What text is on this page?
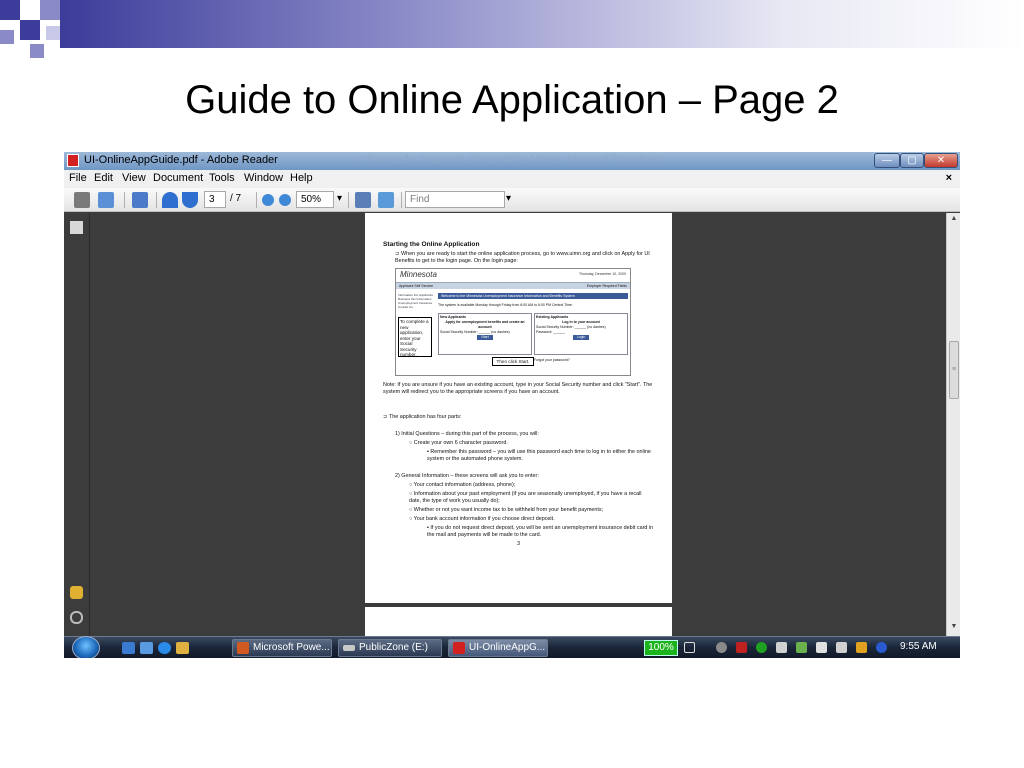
Guide to Online Application – Page 2
UI-OnlineAppGuide.pdf - Adobe Reader	UI Training for Segments (Compatibility Mode) - Microsoft PowerPoint	—	▢	✕
File Edit View Document Tools Window Help	×
3	/ 7	50%	▾	Find	▾
Starting the Online Application

⊃ When you are ready to start the online application process, go to www.uimn.org and click on Apply for UI Benefits to get to the login page. On the login page:

Minnesota	Thursday, December 10, 2009
Applicant Self Service	Employer Required Fields
Information For Applicants
Business Tax Information
Unemployment Insurance
Contact Us
Welcome to the Minnesota Unemployment Insurance Information and Benefits System
The system is available Monday through Friday from 6:00 AM to 6:00 PM Central Time.
New Applicants
Apply for unemployment benefits and create an account
Social Security Number: ______ (no dashes)
Start
Existing Applicants
Log in to your account
Social Security Number: ______ (no dashes)
Password: ______
Login
Forgot your password?
To complete a new application, enter your Social Security number.
Then click Start.

Note: If you are unsure if you have an existing account, type in your Social Security number and click "Start". The system will redirect you to the appropriate screens if you have an account.

⊃ The application has four parts:

1) Initial Questions – during this part of the process, you will:

○ Create your own 6 character password.

▪ Remember this password – you will use this password each time to log in to either the online system or the automated phone system.

2) General Information – these screens will ask you to enter:

○ Your contact information (address, phone);

○ Information about your past employment (if you are seasonally unemployed, if you have a recall date, the type of work you usually do);

○ Whether or not you want income tax to be withheld from your benefit payments;

○ Your bank account information if you choose direct deposit.

▪ If you do not request direct deposit, you will be sent an unemployment insurance debit card in the mail and payments will be made to the card.

3

▲
≡
▼
Microsoft Powe...	PublicZone (E:)	UI-OnlineAppG...	100%	9:55 AM
